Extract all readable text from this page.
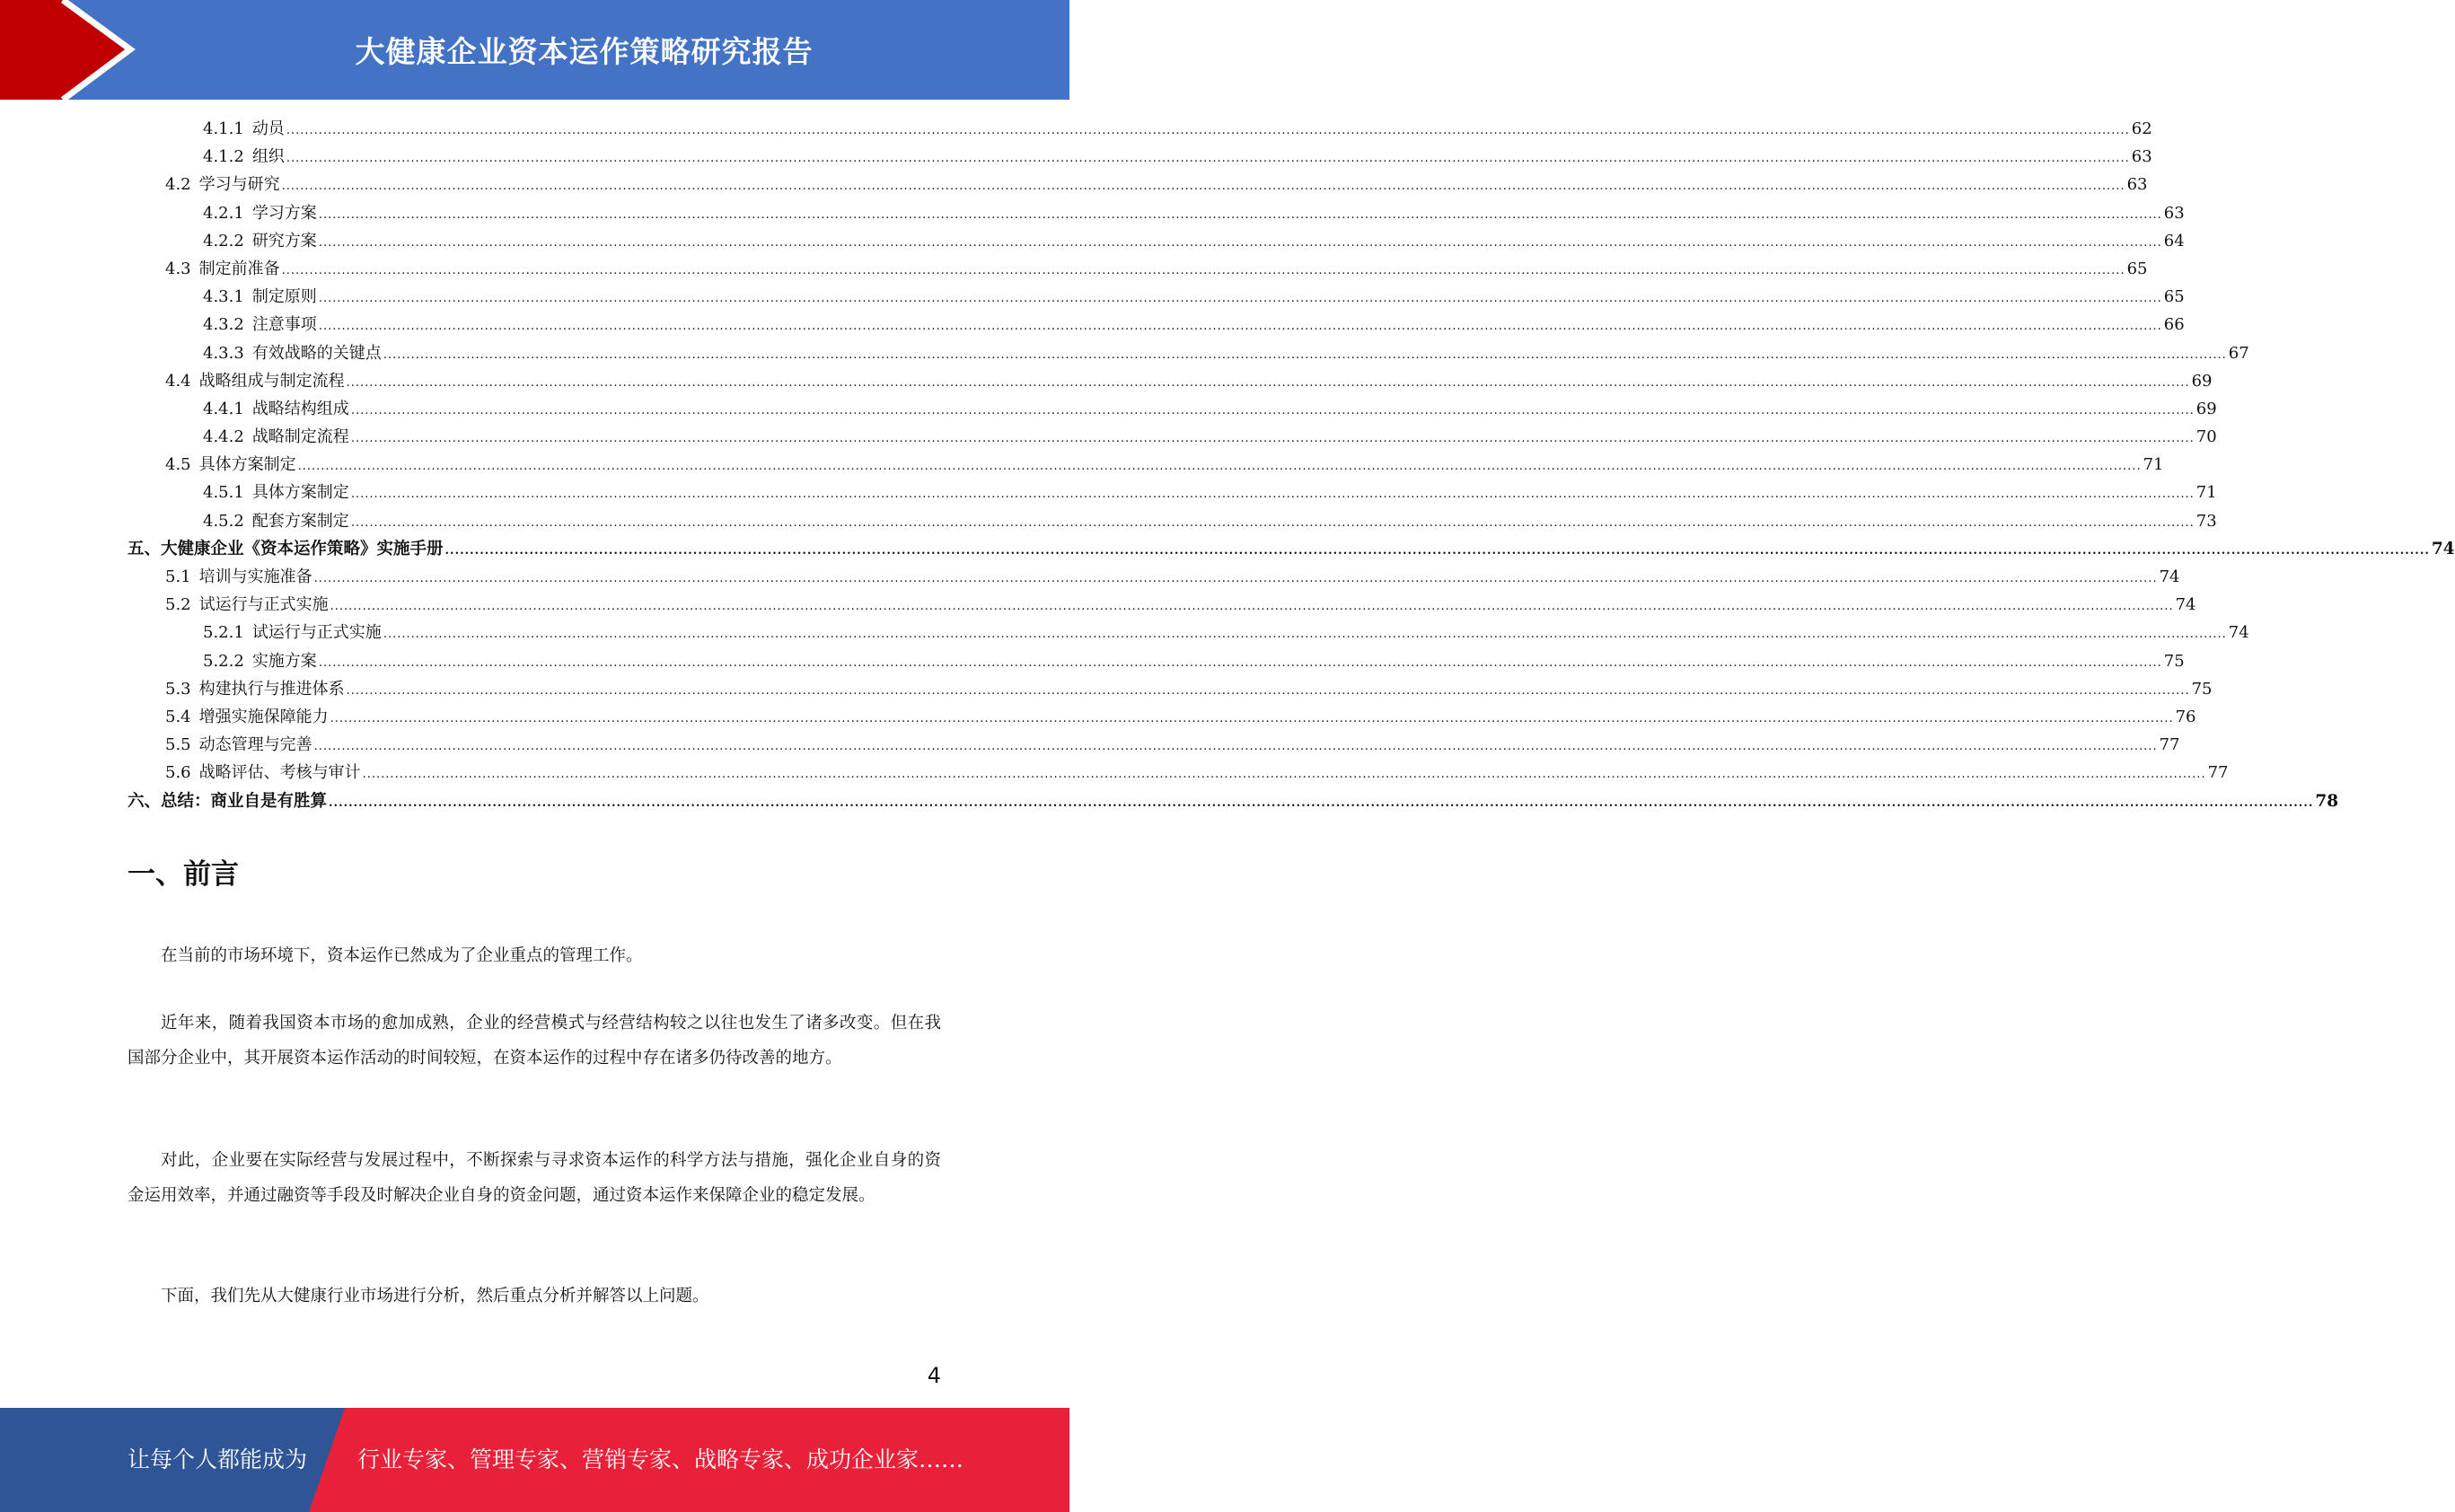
大健康企业资本运作策略研究报告
4.1.1 动员 ................................................................................................................................................................................................................................................................................................................................................................................................................ 62
4.1.2 组织 ................................................................................................................................................................................................................................................................................................................................................................................................................ 63
4.2 学习与研究 ................................................................................................................................................................................................................................................................................................................................................................................................................ 63
4.2.1 学习方案 ................................................................................................................................................................................................................................................................................................................................................................................................................ 63
4.2.2 研究方案 ................................................................................................................................................................................................................................................................................................................................................................................................................ 64
4.3 制定前准备 ................................................................................................................................................................................................................................................................................................................................................................................................................ 65
4.3.1 制定原则 ................................................................................................................................................................................................................................................................................................................................................................................................................ 65
4.3.2 注意事项 ................................................................................................................................................................................................................................................................................................................................................................................................................ 66
4.3.3 有效战略的关键点 ................................................................................................................................................................................................................................................................................................................................................................................................................ 67
4.4 战略组成与制定流程 ................................................................................................................................................................................................................................................................................................................................................................................................................ 69
4.4.1 战略结构组成 ................................................................................................................................................................................................................................................................................................................................................................................................................ 69
4.4.2 战略制定流程 ................................................................................................................................................................................................................................................................................................................................................................................................................ 70
4.5 具体方案制定 ................................................................................................................................................................................................................................................................................................................................................................................................................ 71
4.5.1 具体方案制定 ................................................................................................................................................................................................................................................................................................................................................................................................................ 71
4.5.2 配套方案制定 ................................................................................................................................................................................................................................................................................................................................................................................................................ 73
五、大健康企业《资本运作策略》实施手册 ................................................................................................................................................................................................................................................................................................................................................................................................................ 74
5.1 培训与实施准备 ................................................................................................................................................................................................................................................................................................................................................................................................................ 74
5.2 试运行与正式实施 ................................................................................................................................................................................................................................................................................................................................................................................................................ 74
5.2.1 试运行与正式实施 ................................................................................................................................................................................................................................................................................................................................................................................................................ 74
5.2.2 实施方案 ................................................................................................................................................................................................................................................................................................................................................................................................................ 75
5.3 构建执行与推进体系 ................................................................................................................................................................................................................................................................................................................................................................................................................ 75
5.4 增强实施保障能力 ................................................................................................................................................................................................................................................................................................................................................................................................................ 76
5.5 动态管理与完善 ................................................................................................................................................................................................................................................................................................................................................................................................................ 77
5.6 战略评估、考核与审计 ................................................................................................................................................................................................................................................................................................................................................................................................................ 77
六、总结：商业自是有胜算 ................................................................................................................................................................................................................................................................................................................................................................................................................ 78
一、前言

在当前的市场环境下，资本运作已然成为了企业重点的管理工作。

近年来，随着我国资本市场的愈加成熟，企业的经营模式与经营结构较之以往也发生了诸多改变。但在我国部分企业中，其开展资本运作活动的时间较短，在资本运作的过程中存在诸多仍待改善的地方。

对此，企业要在实际经营与发展过程中，不断探索与寻求资本运作的科学方法与措施，强化企业自身的资金运用效率，并通过融资等手段及时解决企业自身的资金问题，通过资本运作来保障企业的稳定发展。

下面，我们先从大健康行业市场进行分析，然后重点分析并解答以上问题。

4
让每个人都能成为 行业专家、管理专家、营销专家、战略专家、成功企业家……
